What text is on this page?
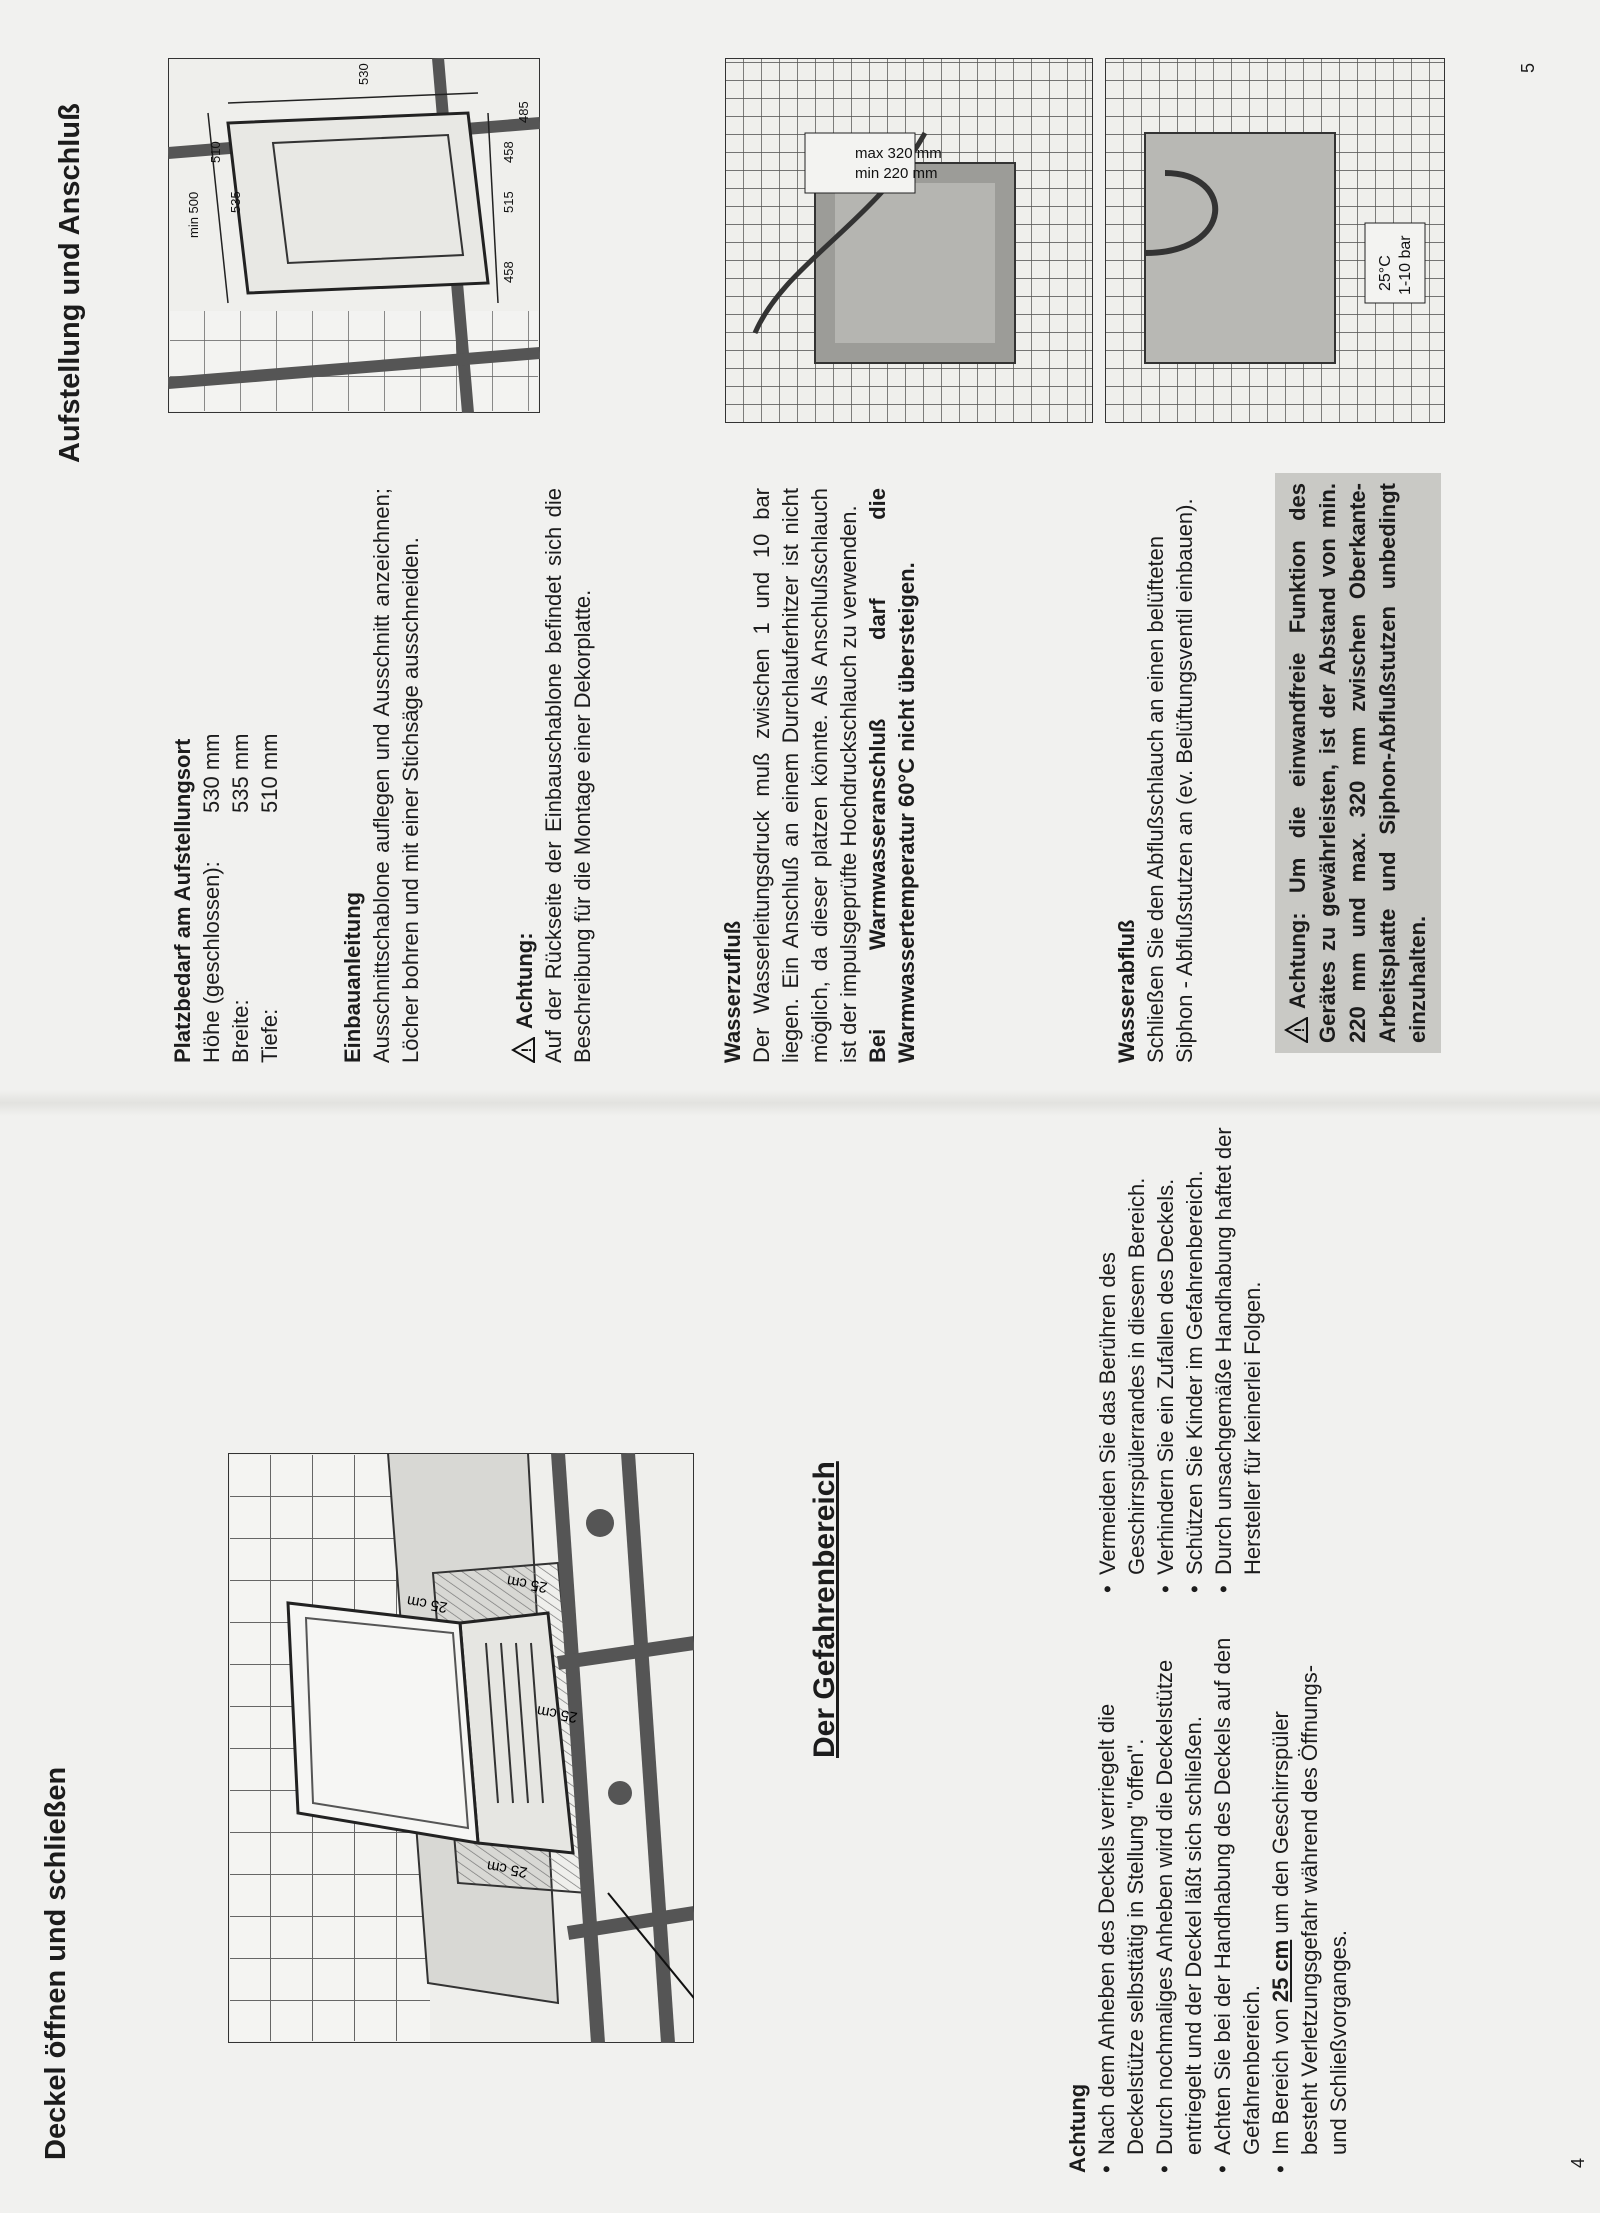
Deckel öffnen und schließen
25 cm
25 cm
25 cm
25 cm
Der Gefahrenbereich
Achtung • Nach dem Anheben des Deckels verriegelt die Deckelstütze selbsttätig in Stellung "offen". • Durch nochmaliges Anheben wird die Deckelstütze entriegelt und der Deckel läßt sich schließen. • Achten Sie bei der Handhabung des Deckels auf den Gefahrenbereich. • Im Bereich von 25 cm um den Geschirrspüler besteht Verletzungsgefahr während des Öffnungs- und Schließvorganges.
• Vermeiden Sie das Berühren des Geschirrspülerrandes in diesem Bereich. • Verhindern Sie ein Zufallen des Deckels. • Schützen Sie Kinder im Gefahrenbereich. • Durch unsachgemäße Handhabung haftet der Hersteller für keinerlei Folgen.
4
Aufstellung und Anschluß
5
Platzbedarf am Aufstellungsort Höhe (geschlossen):
530 mm
Breite:
535 mm
Tiefe:
510 mm
Einbauanleitung Ausschnittschablone auflegen und Ausschnitt anzeichnen; Löcher bohren und mit einer Stichsäge ausschneiden.	!
Achtung: Auf der Rückseite der Einbauschablone befindet sich die Beschreibung für die Montage einer Dekorplatte.	Wasserzufluß Der Wasserleitungsdruck muß zwischen 1 und 10 bar liegen. Ein Anschluß an einem Durchlauferhitzer ist nicht möglich, da dieser platzen könnte. Als Anschlußschlauch ist der impulsgeprüfte Hochdruckschlauch zu verwenden. Bei Warmwasseranschluß darf die Warmwassertemperatur 60°C nicht übersteigen.	Wasserabfluß Schließen Sie den Abflußschlauch an einen belüfteten Siphon - Abflußstutzen an (ev. Belüftungsventil einbauen).	!
Achtung: Um die einwandfreie Funktion des Gerätes zu gewährleisten, ist der Abstand von min. 220 mm und max. 320 mm zwischen Oberkante-Arbeitsplatte und Siphon-Abflußstutzen unbedingt einzuhalten.
min 500
510
535
530
458
515
458
485
min 220 mm
max 320 mm
25°C 1-10 bar
